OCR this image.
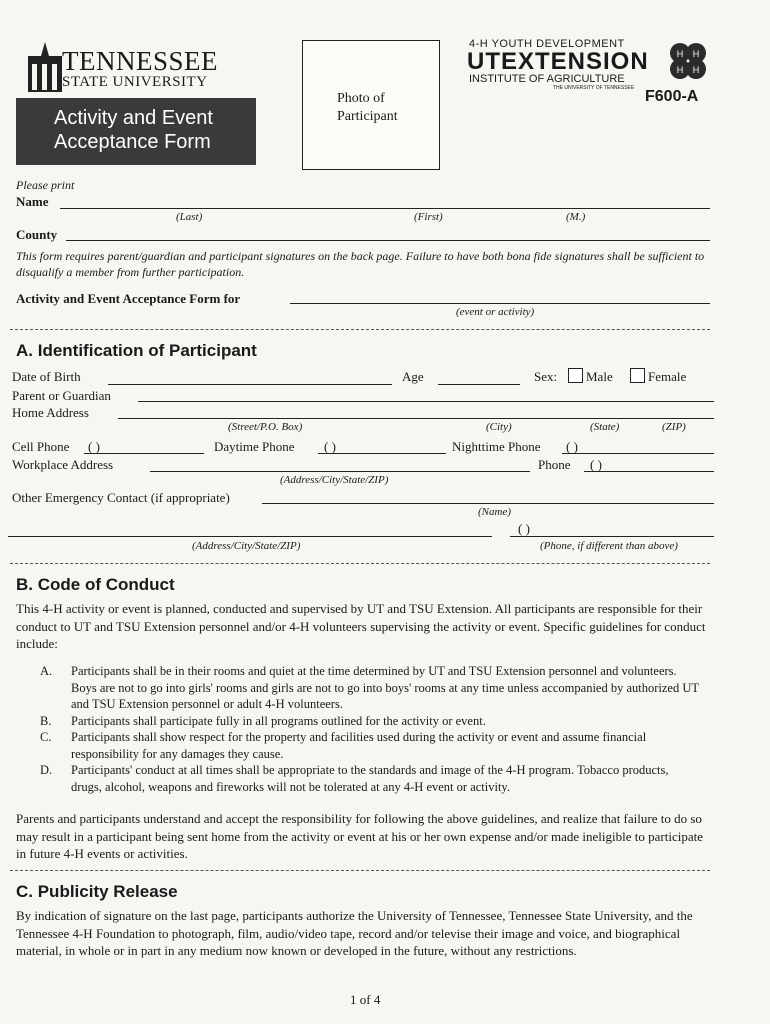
TENNESSEE
STATE UNIVERSITY
Activity and Event
Acceptance Form
Photo of
Participant
4-H YOUTH DEVELOPMENT
UTEXTENSION
INSTITUTE OF AGRICULTURE
THE UNIVERSITY OF TENNESSEE
H H
H H
F600-A
Please print
Name
(Last)	(First)	(M.)
County
This form requires parent/guardian and participant signatures on the back page. Failure to have both bona fide signatures shall be sufficient to disqualify a member from further participation.
Activity and Event Acceptance Form for
(event or activity)
A. Identification of Participant
Date of Birth	Age	Sex:	Male	Female
Parent or Guardian
Home Address
(Street/P.O. Box)	(City)	(State)	(ZIP)
Cell Phone ( )	Daytime Phone ( )	Nighttime Phone ( )
Workplace Address	Phone ( )
(Address/City/State/ZIP)
Other Emergency Contact (if appropriate)
(Name)
( )
(Address/City/State/ZIP)	(Phone, if different than above)
B. Code of Conduct

This 4-H activity or event is planned, conducted and supervised by UT and TSU Extension. All participants are responsible for their conduct to UT and TSU Extension personnel and/or 4-H volunteers supervising the activity or event. Specific guidelines for conduct include:

A.	Participants shall be in their rooms and quiet at the time determined by UT and TSU Extension personnel and volunteers. Boys are not to go into girls' rooms and girls are not to go into boys' rooms at any time unless accompanied by authorized UT and TSU Extension personnel or adult 4-H volunteers.
B.	Participants shall participate fully in all programs outlined for the activity or event.
C.	Participants shall show respect for the property and facilities used during the activity or event and assume financial responsibility for any damages they cause.
D.	Participants' conduct at all times shall be appropriate to the standards and image of the 4-H program. Tobacco products, drugs, alcohol, weapons and fireworks will not be tolerated at any 4-H event or activity.

Parents and participants understand and accept the responsibility for following the above guidelines, and realize that failure to do so may result in a participant being sent home from the activity or event at his or her own expense and/or made ineligible to participate in future 4-H events or activities.

C. Publicity Release

By indication of signature on the last page, participants authorize the University of Tennessee, Tennessee State University, and the Tennessee 4-H Foundation to photograph, film, audio/video tape, record and/or televise their image and voice, and biographical material, in whole or in part in any medium now known or developed in the future, without any restrictions.

1 of 4
